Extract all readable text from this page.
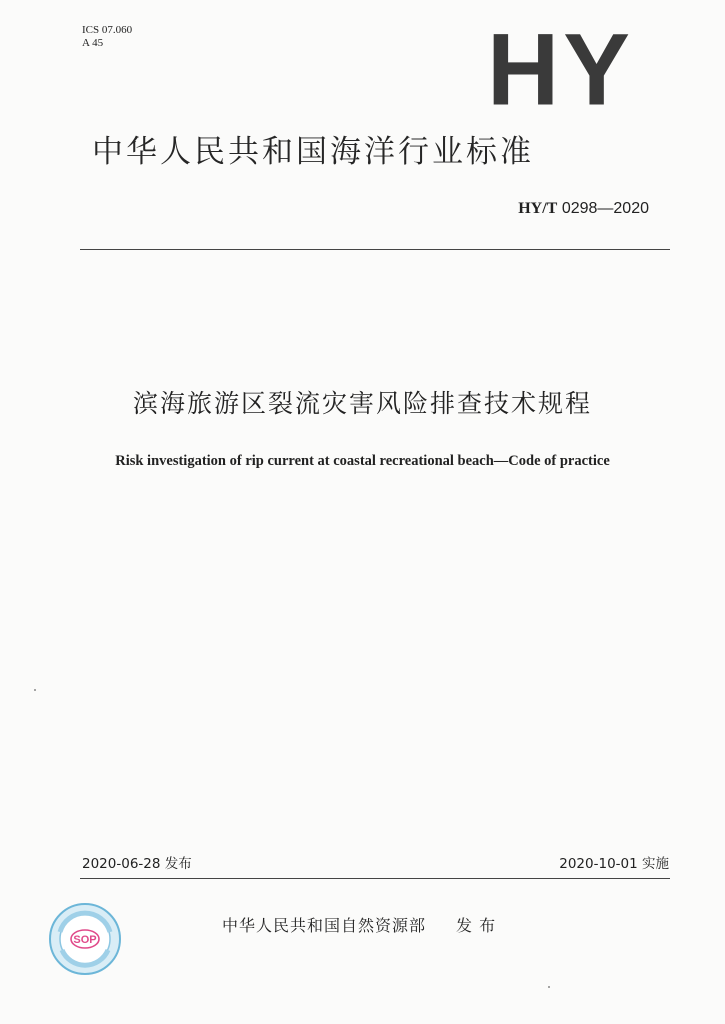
ICS 07.060
A 45	HY
中华人民共和国海洋行业标准
HY/T 0298—2020
滨海旅游区裂流灾害风险排查技术规程
Risk investigation of rip current at coastal recreational beach—Code of practice
2020-06-28 发布	2020-10-01 实施
SOP
中华人民共和国自然资源部 发 布
